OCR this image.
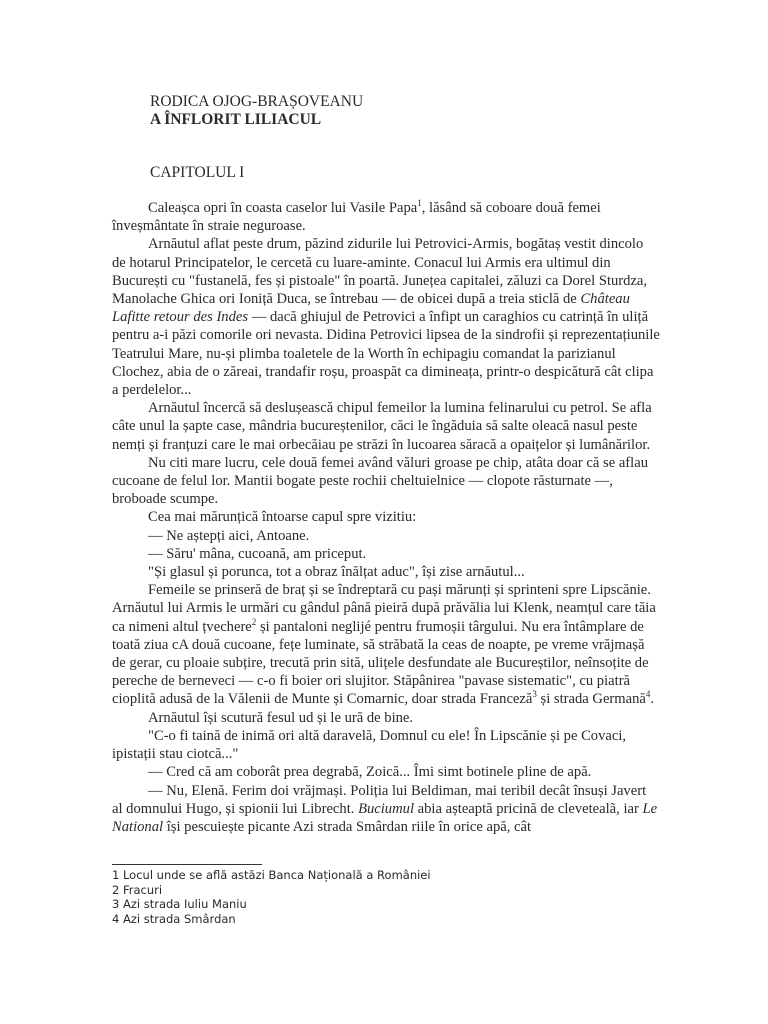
RODICA OJOG-BRAȘOVEANU
A ÎNFLORIT LILIACUL
CAPITOLUL I

Caleașca opri în coasta caselor lui Vasile Papa$^1$, lăsând să coboare două femei înveșmântate în straie neguroase.

Arnăutul aflat peste drum, păzind zidurile lui Petrovici-Armis, bogătaș vestit dincolo de hotarul Principatelor, le cercetă cu luare-aminte. Conacul lui Armis era ultimul din București cu "fustanelă, fes și pistoale" în poartă. Junețea capitalei, zăluzi ca Dorel Sturdza, Manolache Ghica ori Ioniță Duca, se întrebau — de obicei după a treia sticlă de Château Lafitte retour des Indes — dacă ghiujul de Petrovici a înfipt un caraghios cu catrință în uliță pentru a-i păzi comorile ori nevasta. Didina Petrovici lipsea de la sindrofii și reprezentațiunile Teatrului Mare, nu-și plimba toaletele de la Worth în echipagiu comandat la parizianul Clochez, abia de o zăreai, trandafir roșu, proaspăt ca dimineața, printr-o despicătură cât clipa a perdelelor...

Arnăutul încercă să deslușească chipul femeilor la lumina felinarului cu petrol. Se afla câte unul la șapte case, mândria bucureștenilor, căci le îngăduia să salte oleacă nasul peste nemți și franțuzi care le mai orbecăiau pe străzi în lucoarea săracă a opaițelor și lumânărilor.

Nu citi mare lucru, cele două femei având văluri groase pe chip, atâta doar că se aflau cucoane de felul lor. Mantii bogate peste rochii cheltuielnice — clopote răsturnate —, broboade scumpe.

Cea mai mărunțică întoarse capul spre vizitiu:

— Ne aștepți aici, Antoane.

— Săru' mâna, cucoană, am priceput.

"Și glasul și porunca, tot a obraz înălțat aduc", își zise arnăutul...

Femeile se prinseră de braț și se îndreptară cu pași mărunți și sprinteni spre Lipscănie. Arnăutul lui Armis le urmări cu gândul până pieiră după prăvălia lui Klenk, neamțul care tăia ca nimeni altul țvechere$^2$ și pantaloni neglijé pentru frumoșii târgului. Nu era întâmplare de toată ziua cA două cucoane, fețe luminate, să străbată la ceas de noapte, pe vreme vrăjmașă de gerar, cu ploaie subțire, trecută prin sită, ulițele desfundate ale Bucureștilor, neînsoțite de pereche de berneveci — c-o fi boier ori slujitor. Stăpânirea "pavase sistematic", cu piatră cioplită adusă de la Vălenii de Munte și Comarnic, doar strada Franceză$^3$ și strada Germană$^4$.

Arnăutul își scutură fesul ud și le ură de bine.

"C-o fi taină de inimă ori altă daravelă, Domnul cu ele! În Lipscănie și pe Covaci, ipistații stau ciotcă..."

— Cred că am coborât prea degrabă, Zoică... Îmi simt botinele pline de apă.

— Nu, Elenă. Ferim doi vrăjmași. Poliția lui Beldiman, mai teribil decât însuși Javert al domnului Hugo, și spionii lui Librecht. Buciumul abia așteaptă pricină de clevetealã, iar Le National își pescuiește picante Azi strada Smârdan riile în orice apă, cât

1 Locul unde se află astăzi Banca Națională a României
2 Fracuri
3 Azi strada Iuliu Maniu
4 Azi strada Smârdan
